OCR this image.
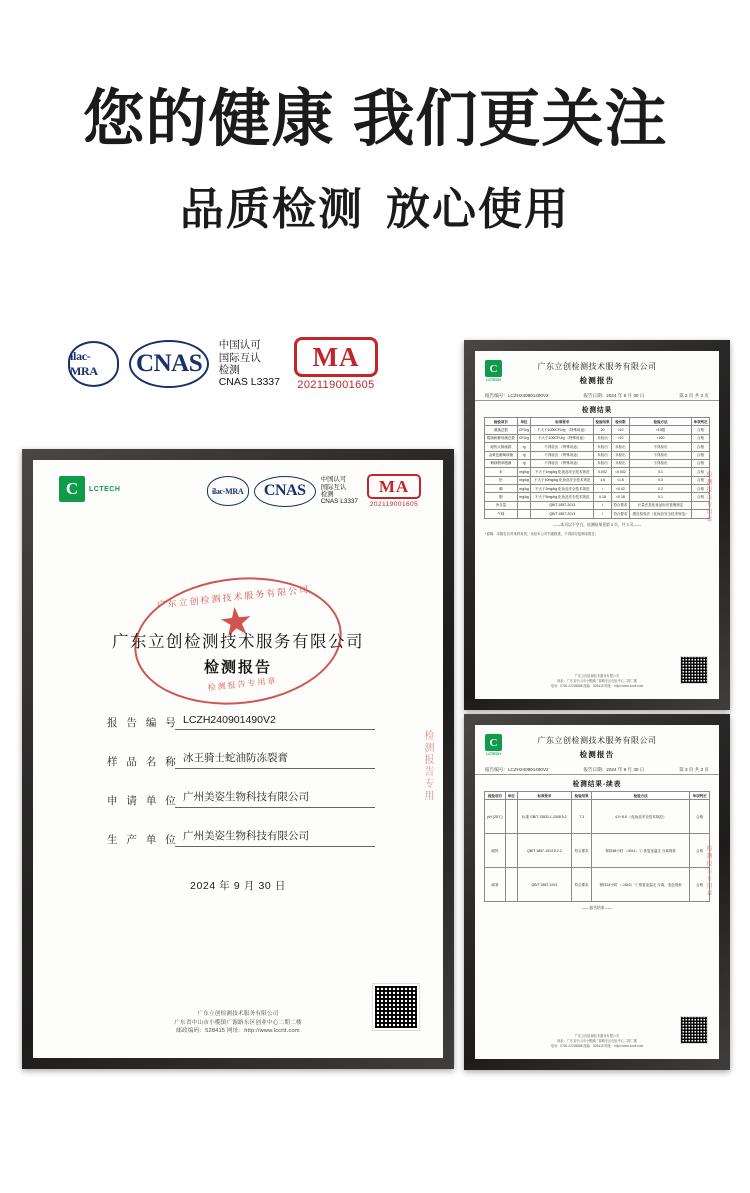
您的健康 我们更关注
品质检测 放心使用
ilac-MRA	CNAS
中国认可
国际互认
检测
CNAS L3337
MA
202119001605
C	LCTECH	ilac-MRA CNAS
中国认可
国际互认
检测
CNAS L3337
MA
202119001605
广东立创检测技术服务有限公司
★
检测报告专用章
广东立创检测技术服务有限公司
检测报告
报 告 编 号 LCZH240901490V2
样 品 名 称 冰王骑士蛇油防冻裂膏
申 请 单 位 广州美姿生物科技有限公司
生 产 单 位 广州美姿生物科技有限公司
2024 年 9 月 30 日
检测报告专用
广东立创检测技术服务有限公司
广东省中山市小榄镇广源路东区创业中心二期二楼
邮政编码：528415 网址：http://www.lccrtt.com
C
LCTECH
广东立创检测技术服务有限公司
检测报告
报告编号：LCZH240901490V2	报告日期：2024 年 9 月 30 日	第 2 页 共 3 页
检测结果
检验项目	单位	标准要求	检验结果	检出限	检验方法	单项判定
菌落总数	CFU/g	不大于1000CFU/g （特殊用途）	20	<10	<10限	合格
霉菌和酵母菌总数	CFU/g	不大于100CFU/g （特殊用途）	未检出	<10	<100	合格
耐热大肠菌群	/g	不得检出 （特殊用途）	未检出	未检出	不得检出	合格
金黄色葡萄球菌	/g	不得检出 （特殊用途）	未检出	未检出	不得检出	合格
铜绿假单胞菌	/g	不得检出 （特殊用途）	未检出	未检出	不得检出	合格
汞	mg/kg	不大于1mg/kg 化妆品安全技术规范	0.002	<0.002	0.1	合格
铅	mg/kg	不大于10mg/kg 化妆品安全技术规范	1.6	<1.5	0.3	合格
砷	mg/kg	不大于2mg/kg 化妆品安全技术规范	/	<0.02	0.2	合格
镉	mg/kg	不大于5mg/kg 化妆品安全技术规范	0.18	<0.18	0.1	合格
净含量		QB/T 1857-2013	/	符合要求	计量法及化妆品标识管理规定	
气味		QB/T 1857-2013	/	符合要求	感官检验法（化妆品安全技术规范）	
——本页以下空白，检测结果见第 3 页，共 3 页——
*说明：本报告仅对来样负责，未经本公司书面批准，不得部分复制本报告。
检测报告专用章
广东立创检测技术服务有限公司
地址：广东省中山市小榄镇广源路东区创业中心二期二楼
电话：0760-22328888 邮编：528415 网址：http://www.lccrtt.com
C
LCTECH
广东立创检测技术服务有限公司
检测报告
报告编号：LCZH240901490V2	报告日期：2024 年 9 月 30 日	第 3 页 共 3 页
检测结果-续表
检验项目	单位	标准要求	检验结果	检验方法	单项判定
pH (25℃)		标准 GB/T 13531.1-2008 5.2	7.3	4.0~8.5 《化妆品安全技术规范》	合格
耐热		QB/T 1857-1913 5.2.2	符合要求	保持48小时 （40±1）℃ 恢复室温无 分离现象	合格
耐寒		QB/T 1857-1913	符合要求	保持24小时 （-15±2）℃ 恢复室温无 分离、变色现象	合格
——报告结束——
检测报告专用章
广东立创检测技术服务有限公司
地址：广东省中山市小榄镇广源路东区创业中心二期二楼
电话：0760-22328888 邮编：528415 网址：http://www.lccrtt.com
